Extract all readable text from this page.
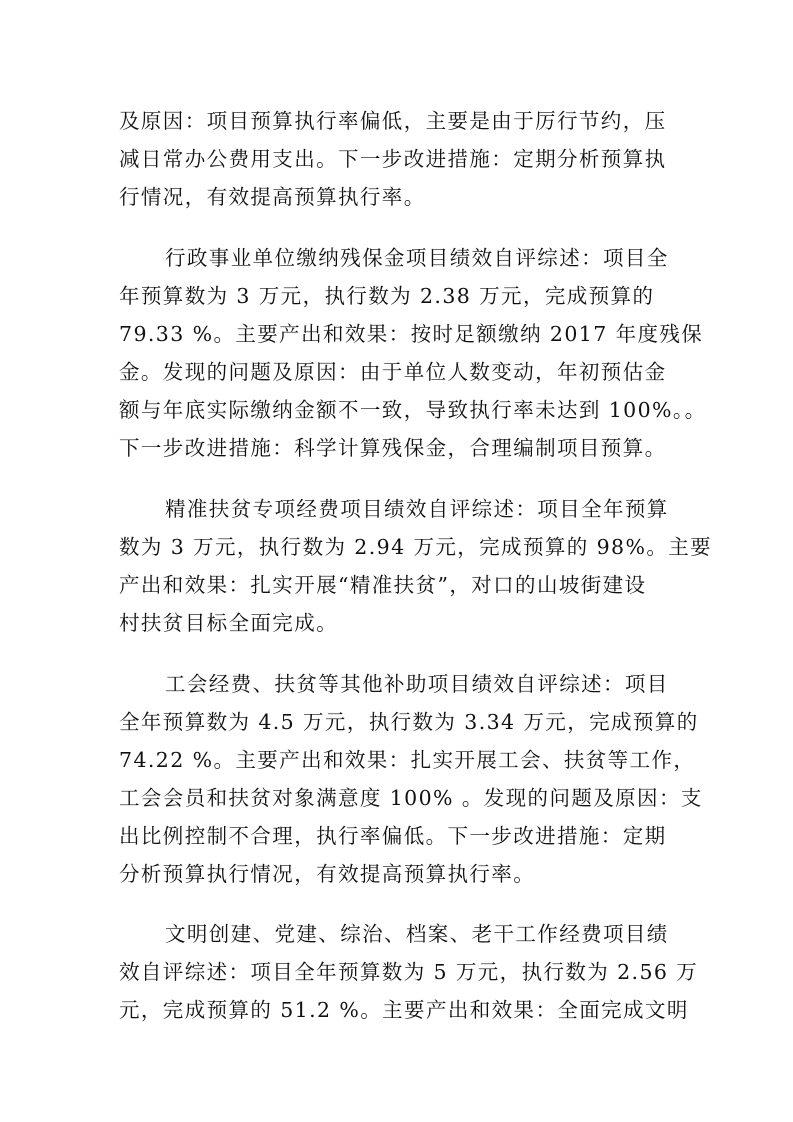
及原因：项目预算执行率偏低，主要是由于厉行节约，压
减日常办公费用支出。下一步改进措施：定期分析预算执
行情况，有效提高预算执行率。
行政事业单位缴纳残保金项目绩效自评综述：项目全
年预算数为 3 万元，执行数为 2.38 万元，完成预算的
79.33 %。主要产出和效果：按时足额缴纳 2017 年度残保
金。发现的问题及原因：由于单位人数变动，年初预估金
额与年底实际缴纳金额不一致，导致执行率未达到 100%。。
下一步改进措施：科学计算残保金，合理编制项目预算。
精准扶贫专项经费项目绩效自评综述：项目全年预算
数为 3 万元，执行数为 2.94 万元，完成预算的 98%。主要
产出和效果：扎实开展“精准扶贫”，对口的山坡街建设
村扶贫目标全面完成。
工会经费、扶贫等其他补助项目绩效自评综述：项目
全年预算数为 4.5 万元，执行数为 3.34 万元，完成预算的
74.22 %。主要产出和效果：扎实开展工会、扶贫等工作，
工会会员和扶贫对象满意度 100% 。发现的问题及原因：支
出比例控制不合理，执行率偏低。下一步改进措施：定期
分析预算执行情况，有效提高预算执行率。
文明创建、党建、综治、档案、老干工作经费项目绩
效自评综述：项目全年预算数为 5 万元，执行数为 2.56 万
元，完成预算的 51.2 %。主要产出和效果：全面完成文明
